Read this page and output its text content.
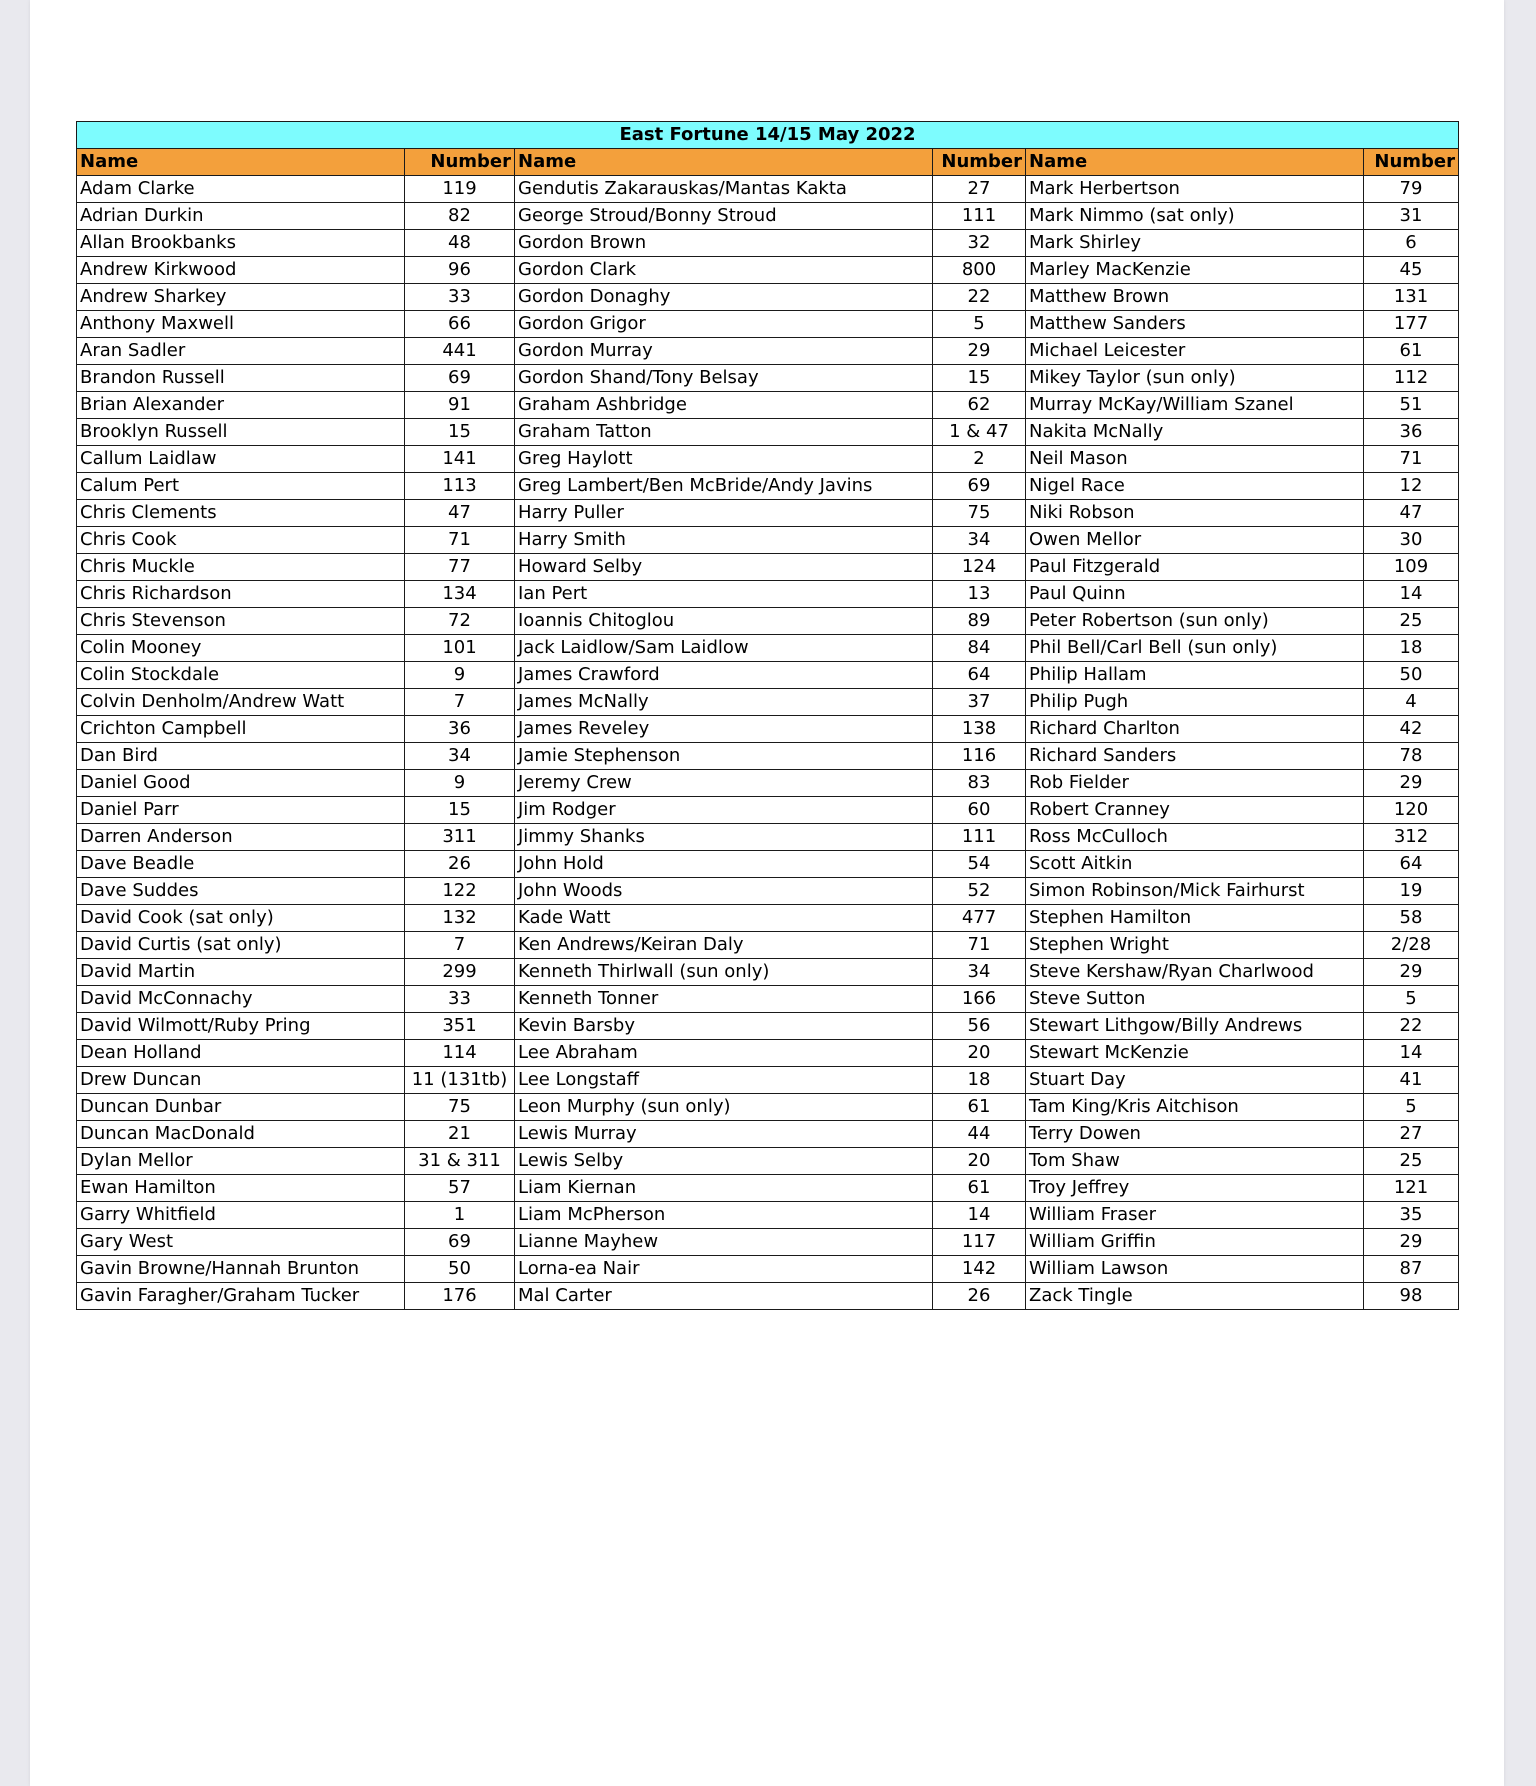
East Fortune 14/15 May 2022					
Name	Number	Name	Number	Name	Number
Adam Clarke	119	Gendutis Zakarauskas/Mantas Kakta	27	Mark Herbertson	79
Adrian Durkin	82	George Stroud/Bonny Stroud	111	Mark Nimmo (sat only)	31
Allan Brookbanks	48	Gordon Brown	32	Mark Shirley	6
Andrew Kirkwood	96	Gordon Clark	800	Marley MacKenzie	45
Andrew Sharkey	33	Gordon Donaghy	22	Matthew Brown	131
Anthony Maxwell	66	Gordon Grigor	5	Matthew Sanders	177
Aran Sadler	441	Gordon Murray	29	Michael Leicester	61
Brandon Russell	69	Gordon Shand/Tony Belsay	15	Mikey Taylor (sun only)	112
Brian Alexander	91	Graham Ashbridge	62	Murray McKay/William Szanel	51
Brooklyn Russell	15	Graham Tatton	1 & 47	Nakita McNally	36
Callum Laidlaw	141	Greg Haylott	2	Neil Mason	71
Calum Pert	113	Greg Lambert/Ben McBride/Andy Javins	69	Nigel Race	12
Chris Clements	47	Harry Puller	75	Niki Robson	47
Chris Cook	71	Harry Smith	34	Owen Mellor	30
Chris Muckle	77	Howard Selby	124	Paul Fitzgerald	109
Chris Richardson	134	Ian Pert	13	Paul Quinn	14
Chris Stevenson	72	Ioannis Chitoglou	89	Peter Robertson (sun only)	25
Colin Mooney	101	Jack Laidlow/Sam Laidlow	84	Phil Bell/Carl Bell (sun only)	18
Colin Stockdale	9	James Crawford	64	Philip Hallam	50
Colvin Denholm/Andrew Watt	7	James McNally	37	Philip Pugh	4
Crichton Campbell	36	James Reveley	138	Richard Charlton	42
Dan Bird	34	Jamie Stephenson	116	Richard Sanders	78
Daniel Good	9	Jeremy Crew	83	Rob Fielder	29
Daniel Parr	15	Jim Rodger	60	Robert Cranney	120
Darren Anderson	311	Jimmy Shanks	111	Ross McCulloch	312
Dave Beadle	26	John Hold	54	Scott Aitkin	64
Dave Suddes	122	John Woods	52	Simon Robinson/Mick Fairhurst	19
David Cook (sat only)	132	Kade Watt	477	Stephen Hamilton	58
David Curtis (sat only)	7	Ken Andrews/Keiran Daly	71	Stephen Wright	2/28
David Martin	299	Kenneth Thirlwall (sun only)	34	Steve Kershaw/Ryan Charlwood	29
David McConnachy	33	Kenneth Tonner	166	Steve Sutton	5
David Wilmott/Ruby Pring	351	Kevin Barsby	56	Stewart Lithgow/Billy Andrews	22
Dean Holland	114	Lee Abraham	20	Stewart McKenzie	14
Drew Duncan	11 (131tb)	Lee Longstaff	18	Stuart Day	41
Duncan Dunbar	75	Leon Murphy (sun only)	61	Tam King/Kris Aitchison	5
Duncan MacDonald	21	Lewis Murray	44	Terry Dowen	27
Dylan Mellor	31 & 311	Lewis Selby	20	Tom Shaw	25
Ewan Hamilton	57	Liam Kiernan	61	Troy Jeffrey	121
Garry Whitfield	1	Liam McPherson	14	William Fraser	35
Gary West	69	Lianne Mayhew	117	William Griffin	29
Gavin Browne/Hannah Brunton	50	Lorna-ea Nair	142	William Lawson	87
Gavin Faragher/Graham Tucker	176	Mal Carter	26	Zack Tingle	98
